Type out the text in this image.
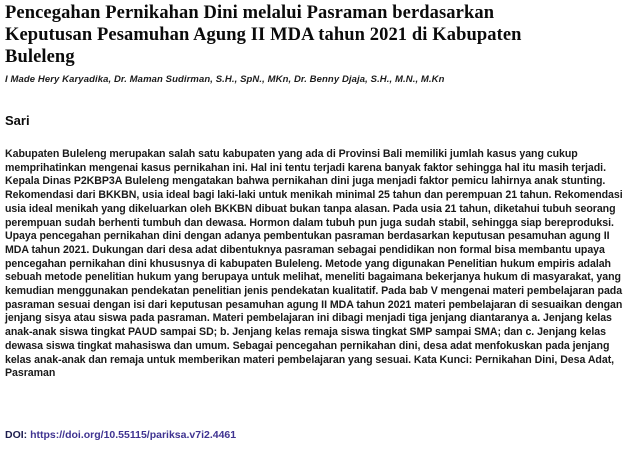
Pencegahan Pernikahan Dini melalui Pasraman berdasarkan Keputusan Pesamuhan Agung II MDA tahun 2021 di Kabupaten Buleleng

I Made Hery Karyadika, Dr. Maman Sudirman, S.H., SpN., MKn, Dr. Benny Djaja, S.H., M.N., M.Kn

Sari

Kabupaten Buleleng merupakan salah satu kabupaten yang ada di Provinsi Bali memiliki jumlah kasus yang cukup memprihatinkan mengenai kasus pernikahan ini. Hal ini tentu terjadi karena banyak faktor sehingga hal itu masih terjadi. Kepala Dinas P2KBP3A Buleleng mengatakan bahwa pernikahan dini juga menjadi faktor pemicu lahirnya anak stunting. Rekomendasi dari BKKBN, usia ideal bagi laki-laki untuk menikah minimal 25 tahun dan perempuan 21 tahun. Rekomendasi usia ideal menikah yang dikeluarkan oleh BKKBN dibuat bukan tanpa alasan. Pada usia 21 tahun, diketahui tubuh seorang perempuan sudah berhenti tumbuh dan dewasa. Hormon dalam tubuh pun juga sudah stabil, sehingga siap bereproduksi. Upaya pencegahan pernikahan dini dengan adanya pembentukan pasraman berdasarkan keputusan pesamuhan agung II MDA tahun 2021. Dukungan dari desa adat dibentuknya pasraman sebagai pendidikan non formal bisa membantu upaya pencegahan pernikahan dini khususnya di kabupaten Buleleng. Metode yang digunakan Penelitian hukum empiris adalah sebuah metode penelitian hukum yang berupaya untuk melihat, meneliti bagaimana bekerjanya hukum di masyarakat, yang kemudian menggunakan pendekatan penelitian jenis pendekatan kualitatif. Pada bab V mengenai materi pembelajaran pada pasraman sesuai dengan isi dari keputusan pesamuhan agung II MDA tahun 2021 materi pembelajaran di sesuaikan dengan jenjang sisya atau siswa pada pasraman. Materi pembelajaran ini dibagi menjadi tiga jenjang diantaranya a. Jenjang kelas anak-anak siswa tingkat PAUD sampai SD; b. Jenjang kelas remaja siswa tingkat SMP sampai SMA; dan c. Jenjang kelas dewasa siswa tingkat mahasiswa dan umum. Sebagai pencegahan pernikahan dini, desa adat menfokuskan pada jenjang kelas anak-anak dan remaja untuk memberikan materi pembelajaran yang sesuai. Kata Kunci: Pernikahan Dini, Desa Adat, Pasraman

DOI: https://doi.org/10.55115/pariksa.v7i2.4461
